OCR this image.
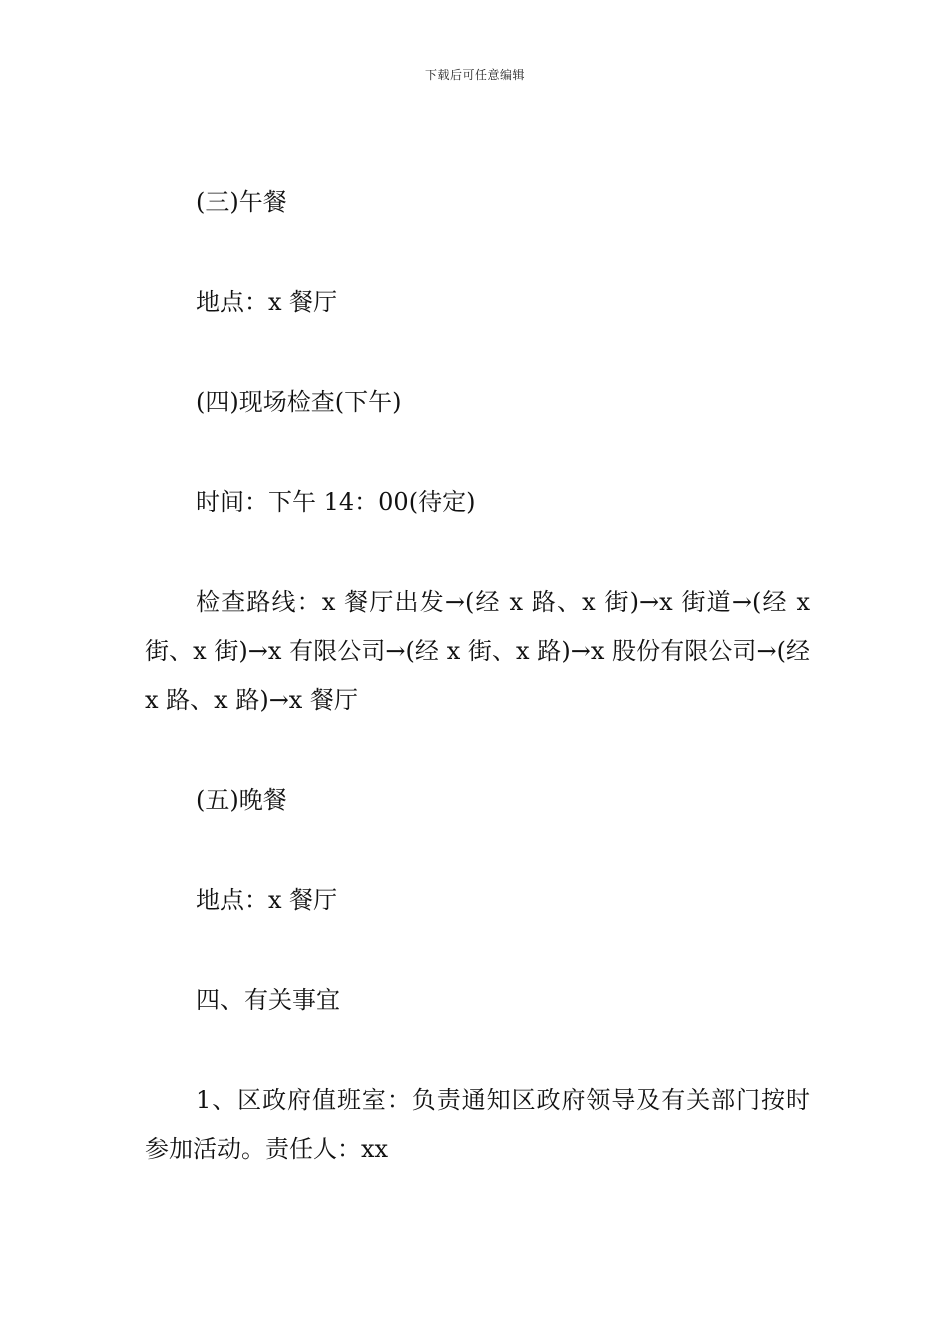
下载后可任意编辑

(三)午餐

地点：x 餐厅

(四)现场检查(下午)

时间：下午 14：00(待定)

检查路线：x 餐厅出发→(经 x 路、x 街)→x 街道→(经 x 街、x 街)→x 有限公司→(经 x 街、x 路)→x 股份有限公司→(经 x 路、x 路)→x 餐厅

(五)晚餐

地点：x 餐厅

四、有关事宜

1、区政府值班室：负责通知区政府领导及有关部门按时参加活动。责任人：xx
